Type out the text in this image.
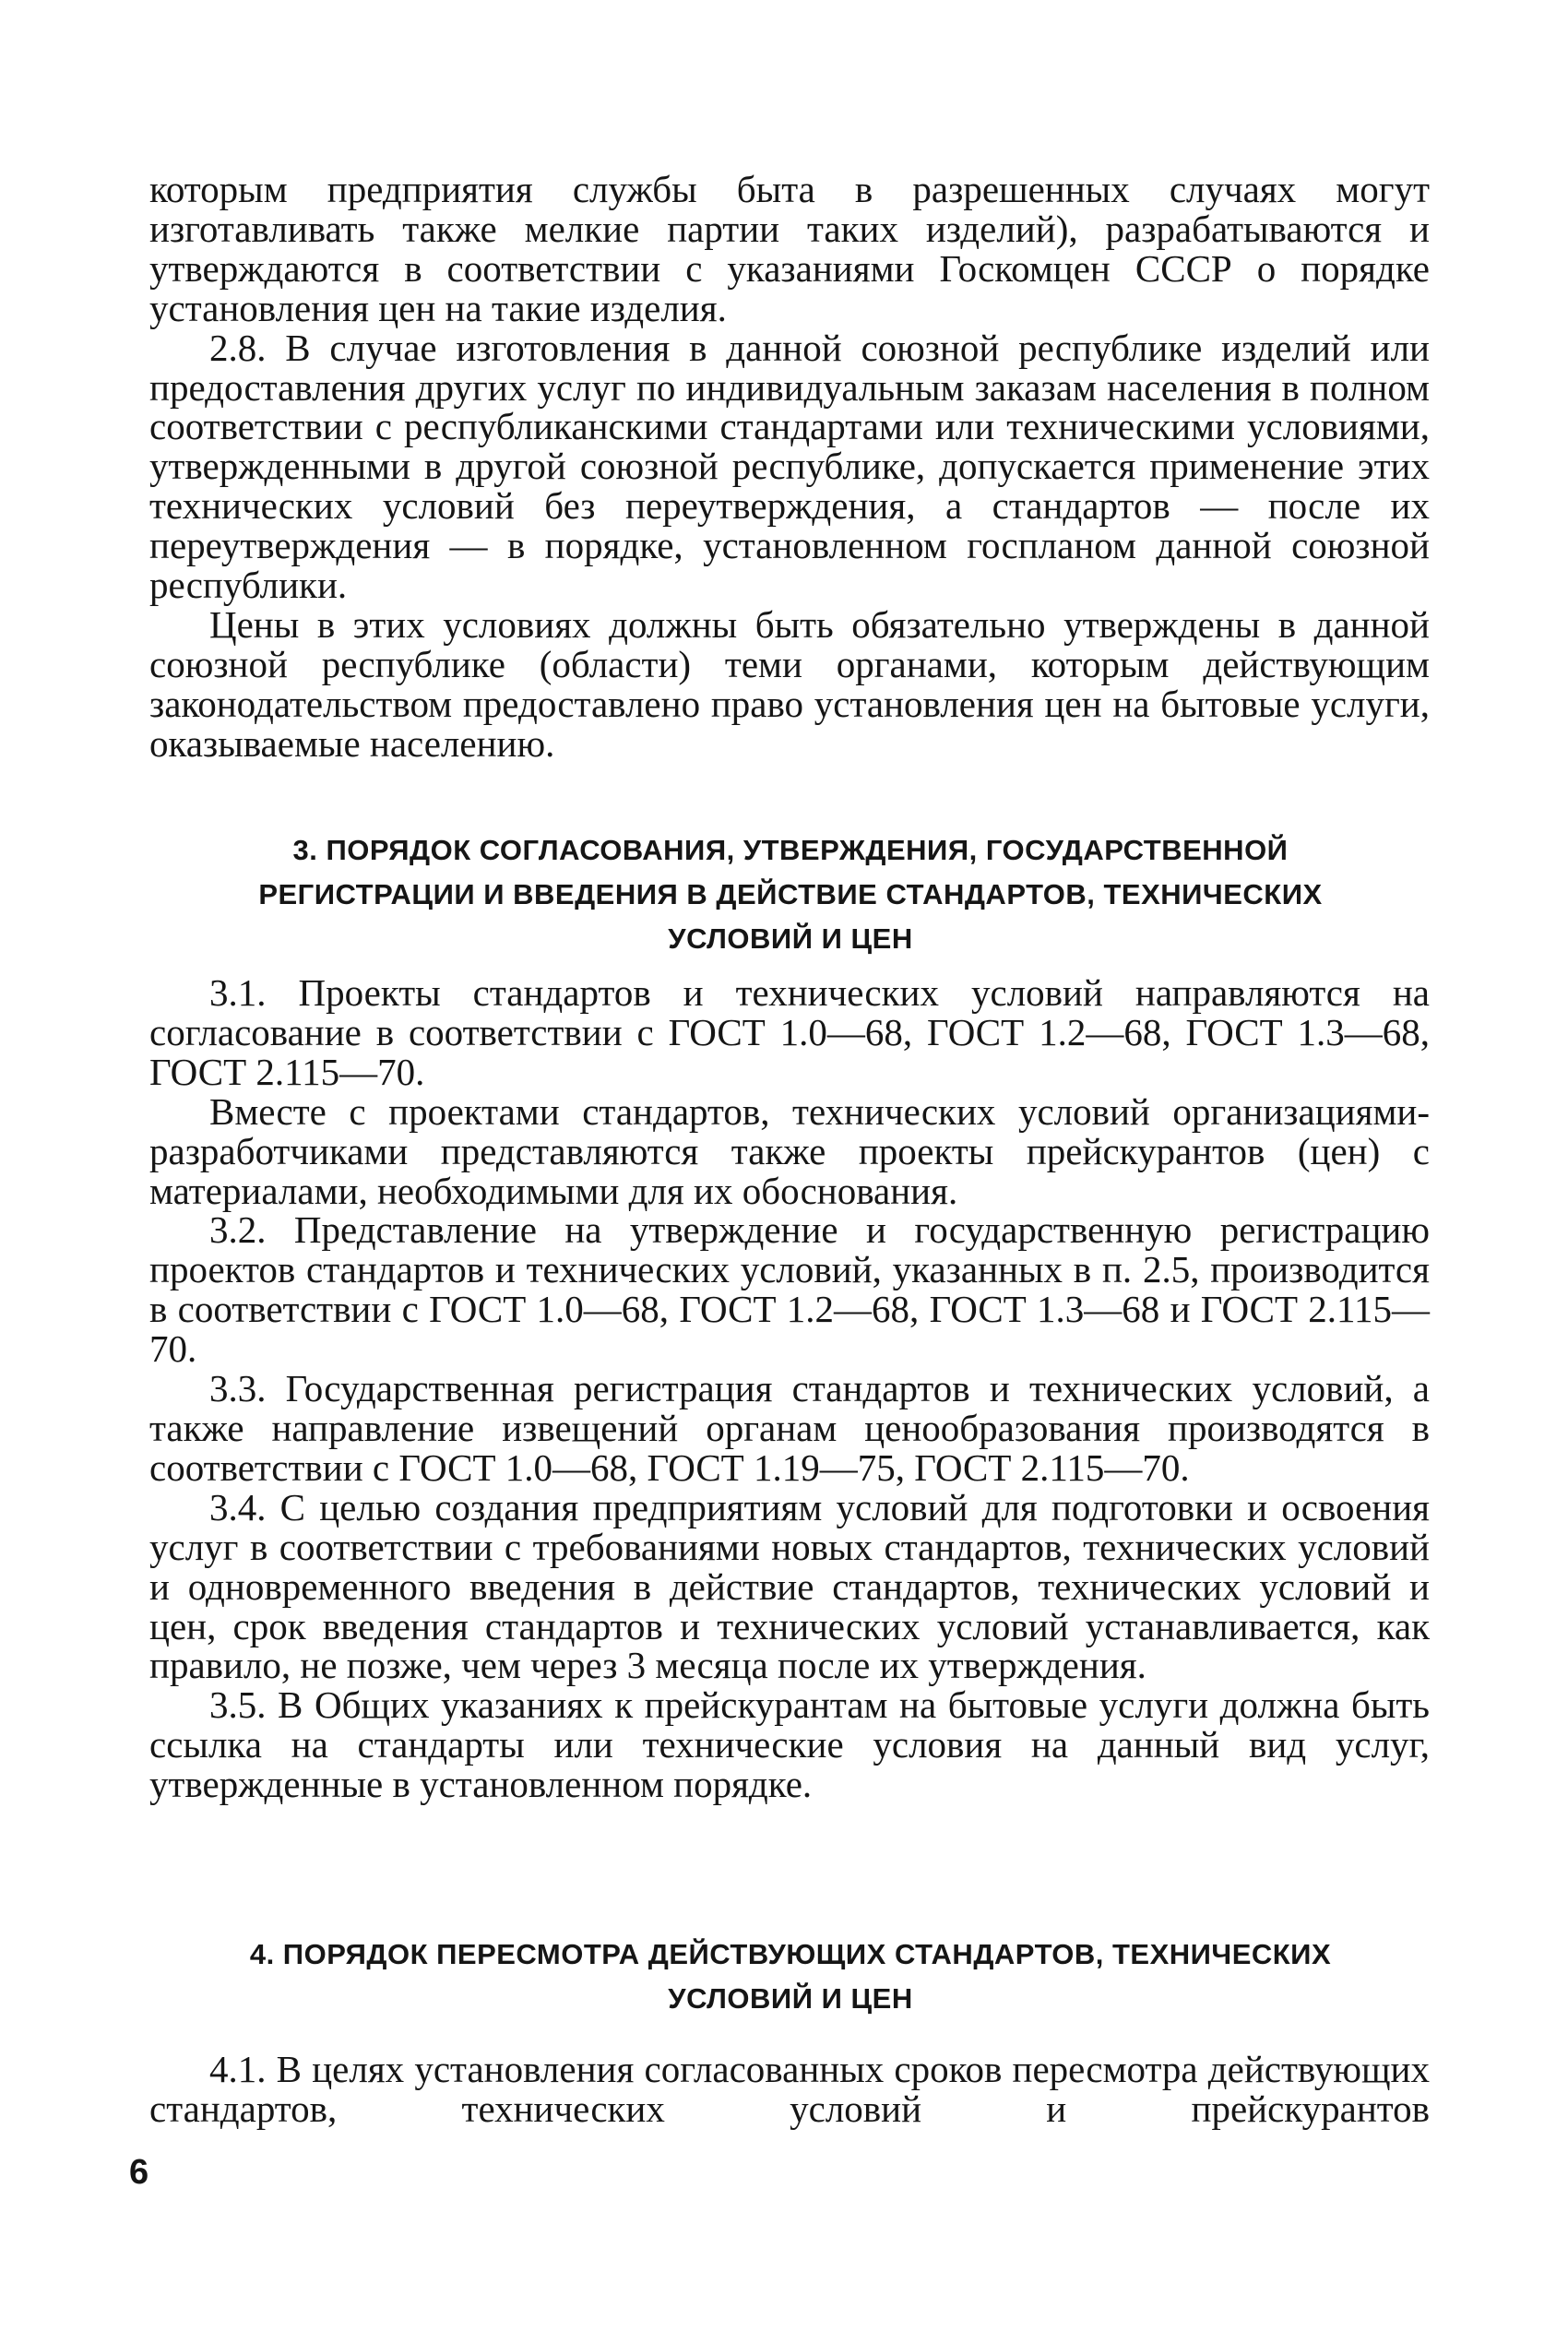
которым предприятия службы быта в разрешенных случаях могут изготавливать также мелкие партии таких изделий), разрабатываются и утверждаются в соответствии с указаниями Госкомцен СССР о порядке установления цен на такие изделия.

2.8. В случае изготовления в данной союзной республике изделий или предоставления других услуг по индивидуальным заказам населения в полном соответствии с республиканскими стандартами или техническими условиями, утвержденными в другой союзной республике, допускается применение этих технических условий без переутверждения, а стандартов — после их переутверждения — в порядке, установленном госпланом данной союзной республики.

Цены в этих условиях должны быть обязательно утверждены в данной союзной республике (области) теми органами, которым действующим законодательством предоставлено право установления цен на бытовые услуги, оказываемые населению.

3. ПОРЯДОК СОГЛАСОВАНИЯ, УТВЕРЖДЕНИЯ, ГОСУДАРСТВЕННОЙ РЕГИСТРАЦИИ И ВВЕДЕНИЯ В ДЕЙСТВИЕ СТАНДАРТОВ, ТЕХНИЧЕСКИХ УСЛОВИЙ И ЦЕН

3.1. Проекты стандартов и технических условий направляются на согласование в соответствии с ГОСТ 1.0—68, ГОСТ 1.2—68, ГОСТ 1.3—68, ГОСТ 2.115—70.

Вместе с проектами стандартов, технических условий организациями-разработчиками представляются также проекты прейскурантов (цен) с материалами, необходимыми для их обоснования.

3.2. Представление на утверждение и государственную регистрацию проектов стандартов и технических условий, указанных в п. 2.5, производится в соответствии с ГОСТ 1.0—68, ГОСТ 1.2—68, ГОСТ 1.3—68 и ГОСТ 2.115—70.

3.3. Государственная регистрация стандартов и технических условий, а также направление извещений органам ценообразования производятся в соответствии с ГОСТ 1.0—68, ГОСТ 1.19—75, ГОСТ 2.115—70.

3.4. С целью создания предприятиям условий для подготовки и освоения услуг в соответствии с требованиями новых стандартов, технических условий и одновременного введения в действие стандартов, технических условий и цен, срок введения стандартов и технических условий устанавливается, как правило, не позже, чем через 3 месяца после их утверждения.

3.5. В Общих указаниях к прейскурантам на бытовые услуги должна быть ссылка на стандарты или технические условия на данный вид услуг, утвержденные в установленном порядке.

4. ПОРЯДОК ПЕРЕСМОТРА ДЕЙСТВУЮЩИХ СТАНДАРТОВ, ТЕХНИЧЕСКИХ УСЛОВИЙ И ЦЕН

4.1. В целях установления согласованных сроков пересмотра действующих стандартов, технических условий и прейскурантов

6
